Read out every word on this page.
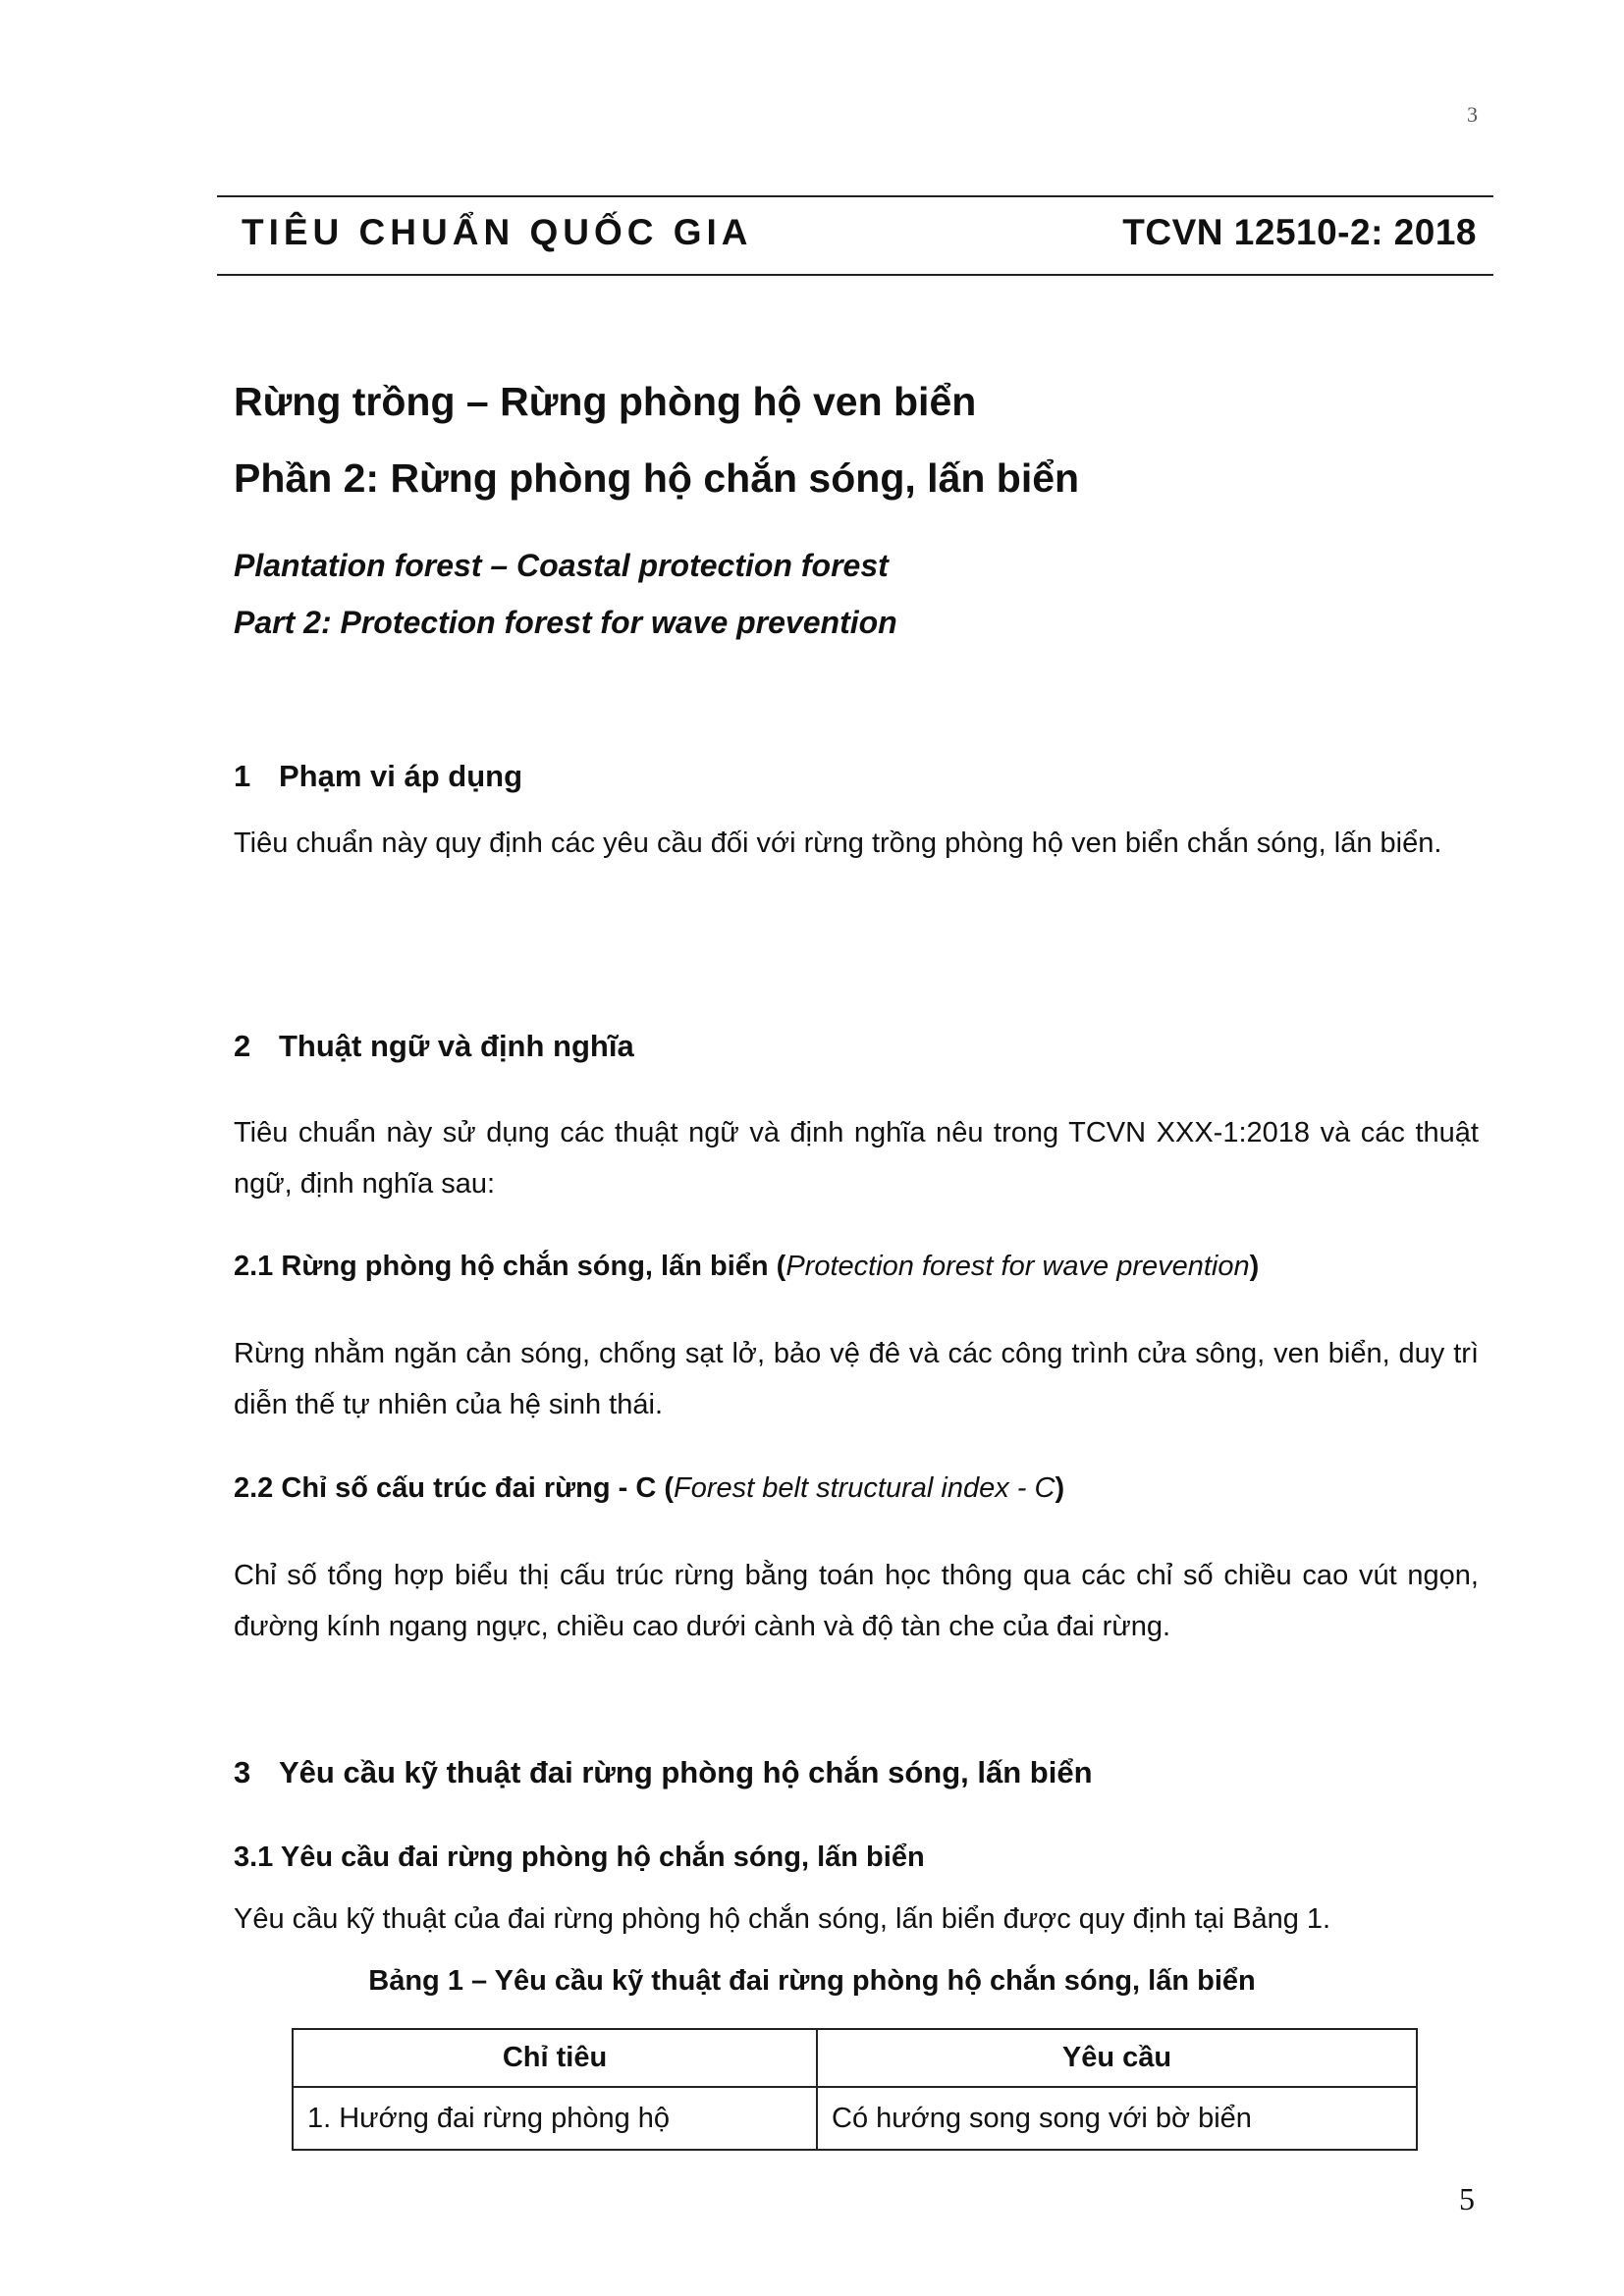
3
TIÊU CHUẨN QUỐC GIA	TCVN 12510-2: 2018
Rừng trồng – Rừng phòng hộ ven biển
Phần 2: Rừng phòng hộ chắn sóng, lấn biển
Plantation forest – Coastal protection forest
Part 2: Protection forest for wave prevention
1 Phạm vi áp dụng
Tiêu chuẩn này quy định các yêu cầu đối với rừng trồng phòng hộ ven biển chắn sóng, lấn biển.
2 Thuật ngữ và định nghĩa
Tiêu chuẩn này sử dụng các thuật ngữ và định nghĩa nêu trong TCVN XXX-1:2018 và các thuật ngữ, định nghĩa sau:
2.1 Rừng phòng hộ chắn sóng, lấn biển (Protection forest for wave prevention)
Rừng nhằm ngăn cản sóng, chống sạt lở, bảo vệ đê và các công trình cửa sông, ven biển, duy trì diễn thế tự nhiên của hệ sinh thái.
2.2 Chỉ số cấu trúc đai rừng - C (Forest belt structural index - C)
Chỉ số tổng hợp biểu thị cấu trúc rừng bằng toán học thông qua các chỉ số chiều cao vút ngọn, đường kính ngang ngực, chiều cao dưới cành và độ tàn che của đai rừng.
3 Yêu cầu kỹ thuật đai rừng phòng hộ chắn sóng, lấn biển
3.1 Yêu cầu đai rừng phòng hộ chắn sóng, lấn biển
Yêu cầu kỹ thuật của đai rừng phòng hộ chắn sóng, lấn biển được quy định tại Bảng 1.
Bảng 1 – Yêu cầu kỹ thuật đai rừng phòng hộ chắn sóng, lấn biển
Chỉ tiêu	Yêu cầu
1. Hướng đai rừng phòng hộ	Có hướng song song với bờ biển
5
